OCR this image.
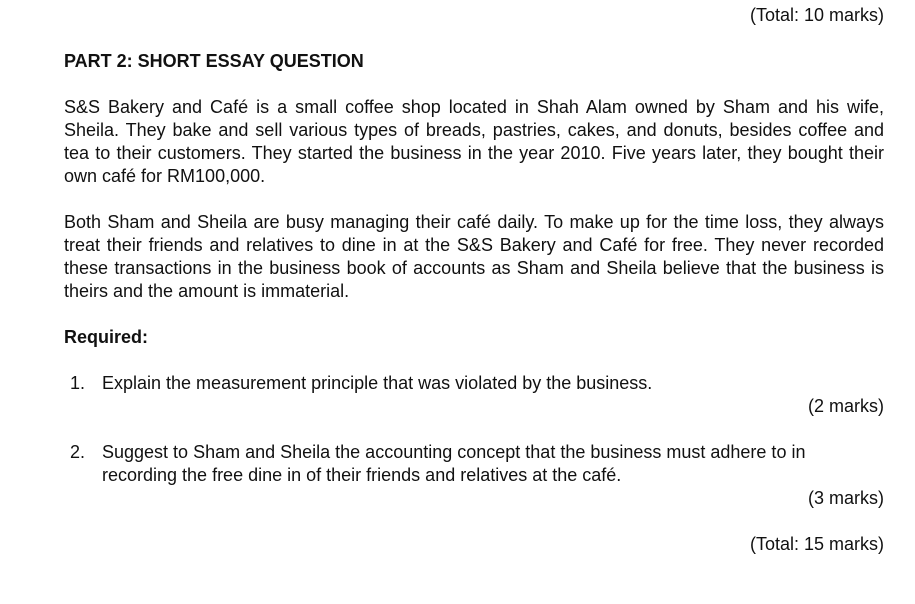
(Total: 10 marks)
PART 2: SHORT ESSAY QUESTION
S&S Bakery and Café is a small coffee shop located in Shah Alam owned by Sham and his wife, Sheila. They bake and sell various types of breads, pastries, cakes, and donuts, besides coffee and tea to their customers. They started the business in the year 2010. Five years later, they bought their own café for RM100,000.
Both Sham and Sheila are busy managing their café daily. To make up for the time loss, they always treat their friends and relatives to dine in at the S&S Bakery and Café for free. They never recorded these transactions in the business book of accounts as Sham and Sheila believe that the business is theirs and the amount is immaterial.
Required:
1. Explain the measurement principle that was violated by the business.
(2 marks)
2. Suggest to Sham and Sheila the accounting concept that the business must adhere to in recording the free dine in of their friends and relatives at the café.
(3 marks)
(Total: 15 marks)
